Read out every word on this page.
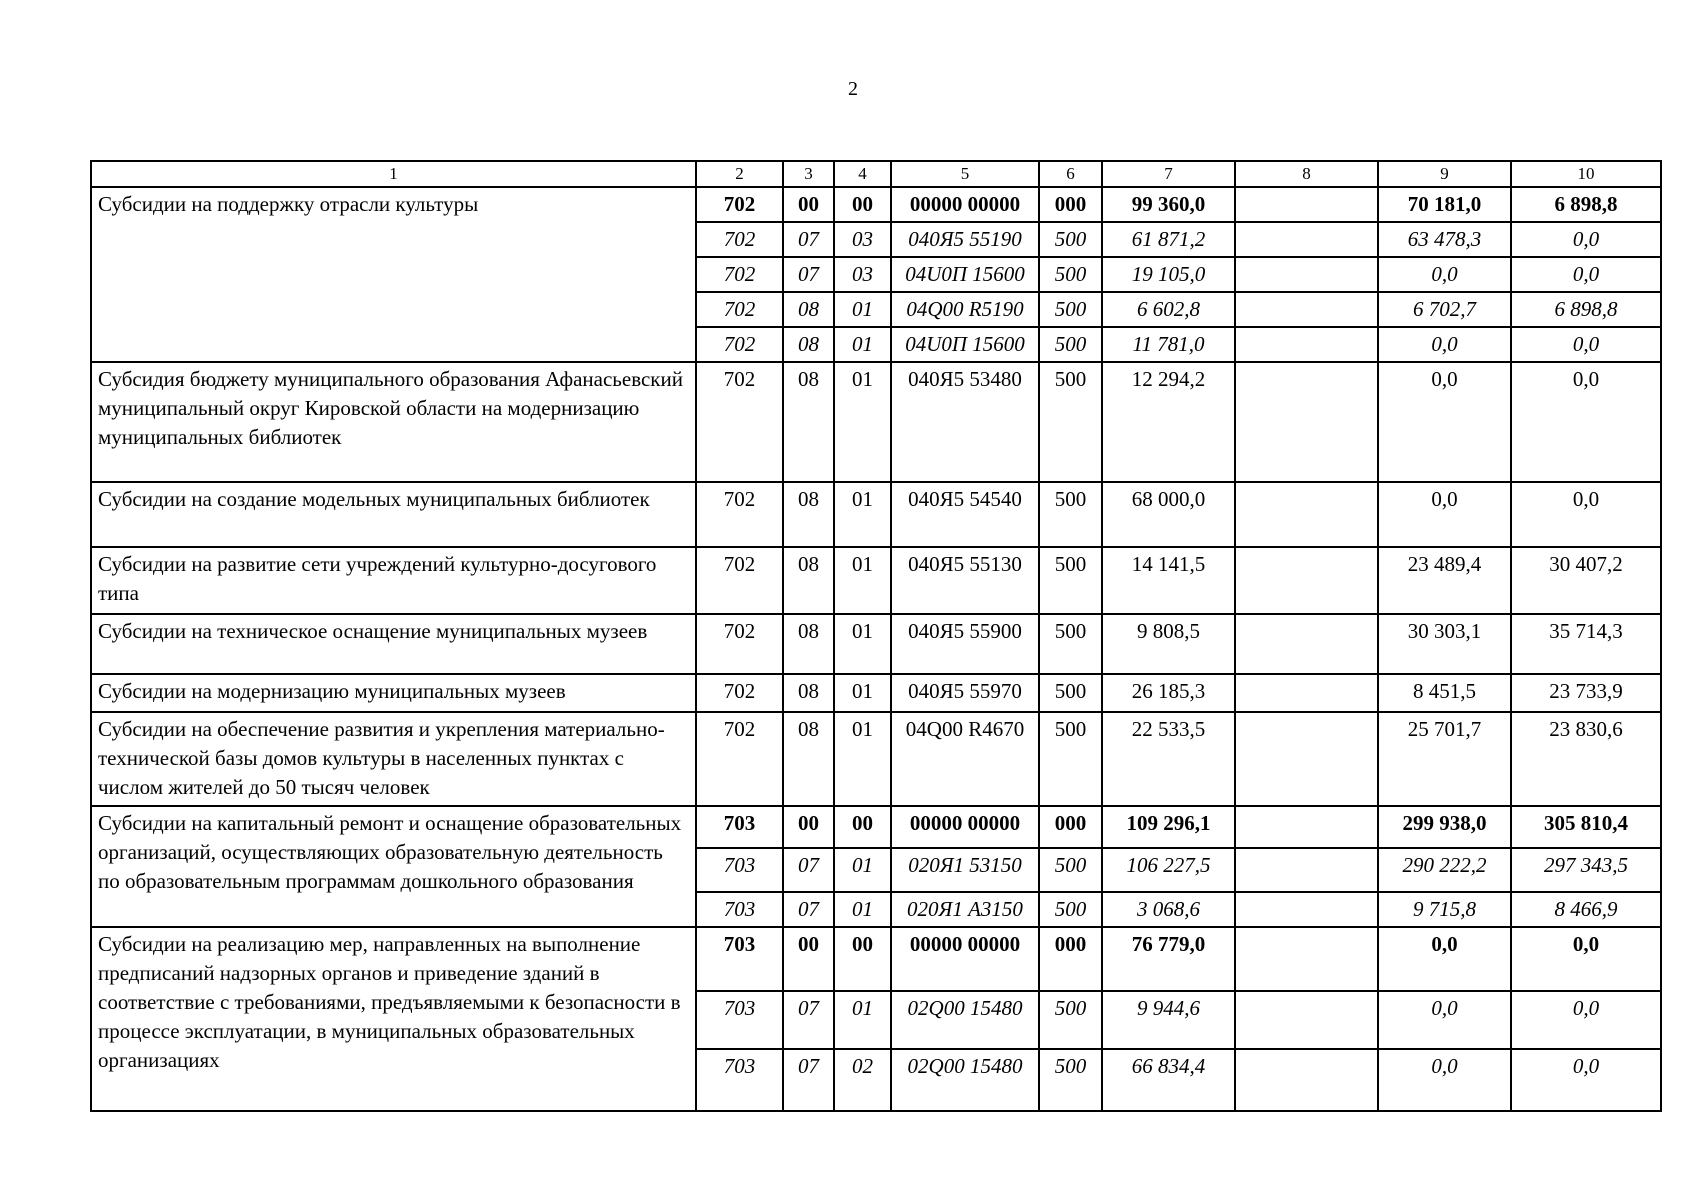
2
1	2	3	4	5	6	7	8	9	10
Субсидии на поддержку отрасли культуры	702	00	00	00000 00000	000	99 360,0		70 181,0	6 898,8
	702	07	03	040Я5 55190	500	61 871,2		63 478,3	0,0
	702	07	03	04U0П 15600	500	19 105,0		0,0	0,0
	702	08	01	04Q00 R5190	500	6 602,8		6 702,7	6 898,8
	702	08	01	04U0П 15600	500	11 781,0		0,0	0,0
Субсидия бюджету муниципального образования Афанасьевский муниципальный округ Кировской области на модернизацию муниципальных библиотек	702	08	01	040Я5 53480	500	12 294,2		0,0	0,0
Субсидии на создание модельных муниципальных библиотек	702	08	01	040Я5 54540	500	68 000,0		0,0	0,0
Субсидии на развитие сети учреждений культурно-досугового типа	702	08	01	040Я5 55130	500	14 141,5		23 489,4	30 407,2
Субсидии на техническое оснащение муниципальных музеев	702	08	01	040Я5 55900	500	9 808,5		30 303,1	35 714,3
Субсидии на модернизацию муниципальных музеев	702	08	01	040Я5 55970	500	26 185,3		8 451,5	23 733,9
Субсидии на обеспечение развития и укрепления материально-технической базы домов культуры в населенных пунктах с числом жителей до 50 тысяч человек	702	08	01	04Q00 R4670	500	22 533,5		25 701,7	23 830,6
Субсидии на капитальный ремонт и оснащение образовательных организаций, осуществляющих образовательную деятельность по образовательным программам дошкольного образования	703	00	00	00000 00000	000	109 296,1		299 938,0	305 810,4
	703	07	01	020Я1 53150	500	106 227,5		290 222,2	297 343,5
	703	07	01	020Я1 A3150	500	3 068,6		9 715,8	8 466,9
Субсидии на реализацию мер, направленных на выполнение предписаний надзорных органов и приведение зданий в соответствие с требованиями, предъявляемыми к безопасности в процессе эксплуатации, в муниципальных образовательных организациях	703	00	00	00000 00000	000	76 779,0		0,0	0,0
	703	07	01	02Q00 15480	500	9 944,6		0,0	0,0
	703	07	02	02Q00 15480	500	66 834,4		0,0	0,0
